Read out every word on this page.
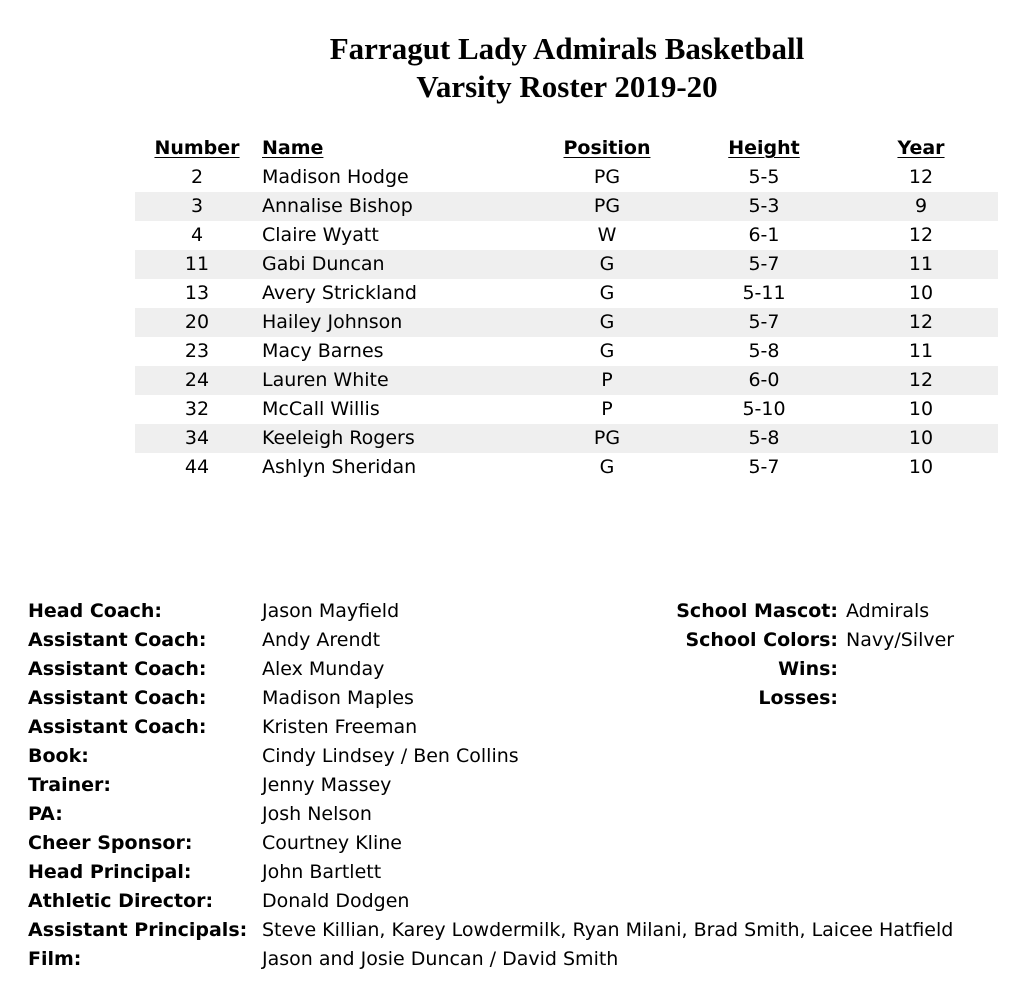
Farragut Lady Admirals Basketball
Varsity Roster 2019-20
Number	Name	Position	Height	Year
2	Madison Hodge	PG	5-5	12
3	Annalise Bishop	PG	5-3	9
4	Claire Wyatt	W	6-1	12
11	Gabi Duncan	G	5-7	11
13	Avery Strickland	G	5-11	10
20	Hailey Johnson	G	5-7	12
23	Macy Barnes	G	5-8	11
24	Lauren White	P	6-0	12
32	McCall Willis	P	5-10	10
34	Keeleigh Rogers	PG	5-8	10
44	Ashlyn Sheridan	G	5-7	10
Head Coach:	Jason Mayfield
Assistant Coach:	Andy Arendt
Assistant Coach:	Alex Munday
Assistant Coach:	Madison Maples
Assistant Coach:	Kristen Freeman
Book:	Cindy Lindsey / Ben Collins
Trainer:	Jenny Massey
PA:	Josh Nelson
Cheer Sponsor:	Courtney Kline
Head Principal:	John Bartlett
Athletic Director:	Donald Dodgen
Assistant Principals: Steve Killian, Karey Lowdermilk, Ryan Milani, Brad Smith, Laicee Hatfield
Film:	Jason and Josie Duncan / David Smith
School Mascot: Admirals
School Colors: Navy/Silver
Wins:
Losses:
